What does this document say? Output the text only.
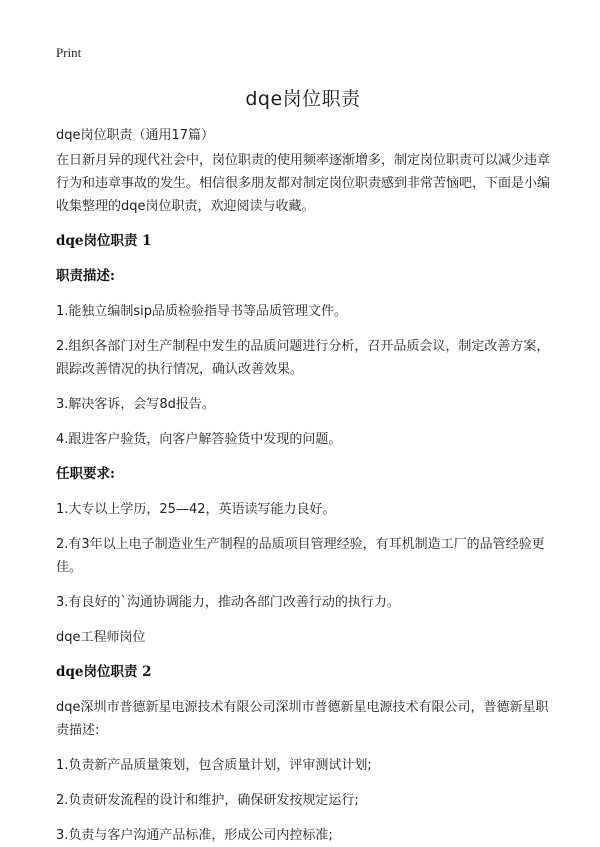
Print
dqe岗位职责

dqe岗位职责（通用17篇）

在日新月异的现代社会中，岗位职责的使用频率逐渐增多，制定岗位职责可以减少违章行为和违章事故的发生。相信很多朋友都对制定岗位职责感到非常苦恼吧，下面是小编收集整理的dqe岗位职责，欢迎阅读与收藏。

dqe岗位职责 1

职责描述:

1.能独立编制sip品质检验指导书等品质管理文件。

2.组织各部门对生产制程中发生的品质问题进行分析，召开品质会议，制定改善方案，跟踪改善情况的执行情况，确认改善效果。

3.解决客诉，会写8d报告。

4.跟进客户验货，向客户解答验货中发现的问题。

任职要求:

1.大专以上学历，25—42，英语读写能力良好。

2.有3年以上电子制造业生产制程的品质项目管理经验，有耳机制造工厂的品管经验更佳。

3.有良好的`沟通协调能力，推动各部门改善行动的执行力。

dqe工程师岗位

dqe岗位职责 2

dqe深圳市普德新星电源技术有限公司深圳市普德新星电源技术有限公司，普德新星职责描述:

1.负责新产品质量策划，包含质量计划，评审测试计划;

2.负责研发流程的设计和维护，确保研发按规定运行;

3.负责与客户沟通产品标准，形成公司内控标准;
